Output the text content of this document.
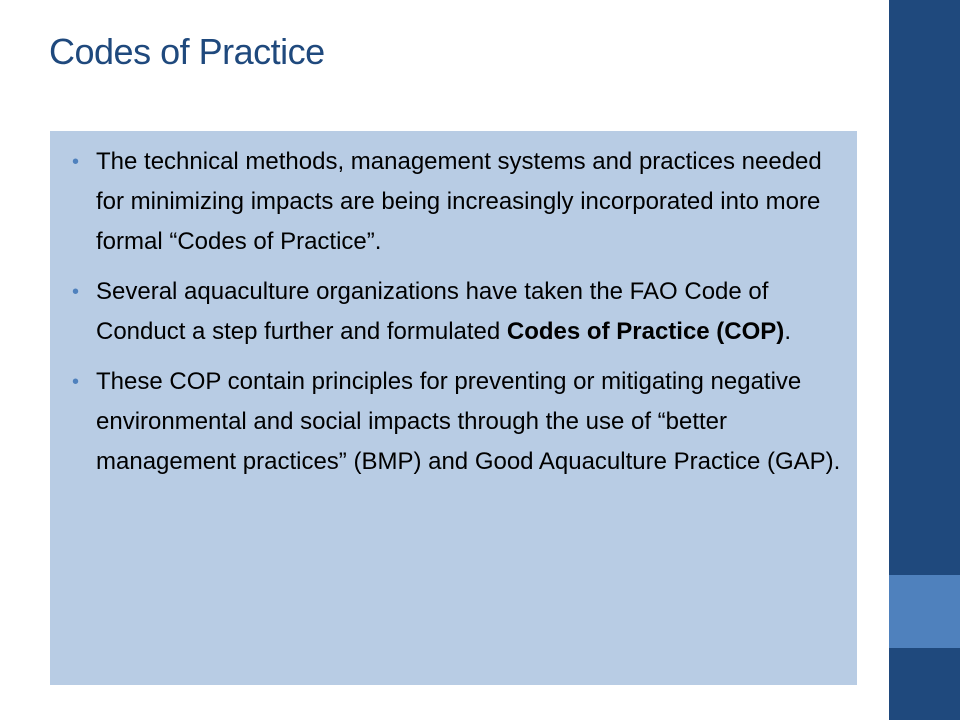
Codes of Practice
• The technical methods, management systems and practices needed for minimizing impacts are being increasingly incorporated into more formal “Codes of Practice”.
• Several aquaculture organizations have taken the FAO Code of Conduct a step further and formulated Codes of Practice (COP).
• These COP contain principles for preventing or mitigating negative environmental and social impacts through the use of “better management practices” (BMP) and Good Aquaculture Practice (GAP).
